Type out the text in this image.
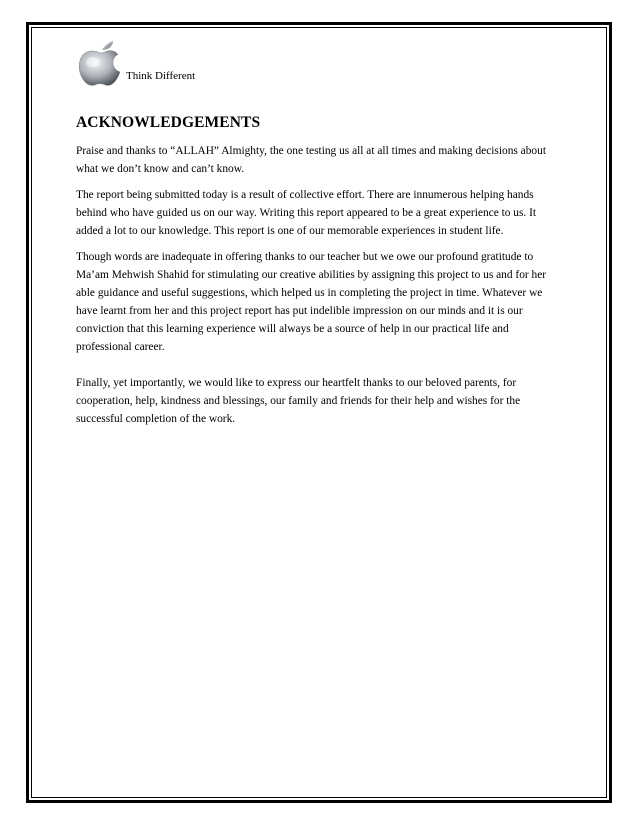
Think Different
ACKNOWLEDGEMENTS

Praise and thanks to “ALLAH” Almighty, the one testing us all at all times and making decisions about what we don’t know and can’t know.

The report being submitted today is a result of collective effort. There are innumerous helping hands behind who have guided us on our way. Writing this report appeared to be a great experience to us. It added a lot to our knowledge. This report is one of our memorable experiences in student life.

Though words are inadequate in offering thanks to our teacher but we owe our profound gratitude to Ma’am Mehwish Shahid for stimulating our creative abilities by assigning this project to us and for her able guidance and useful suggestions, which helped us in completing the project in time. Whatever we have learnt from her and this project report has put indelible impression on our minds and it is our conviction that this learning experience will always be a source of help in our practical life and professional career.

Finally, yet importantly, we would like to express our heartfelt thanks to our beloved parents, for cooperation, help, kindness and blessings, our family and friends for their help and wishes for the successful completion of the work.
